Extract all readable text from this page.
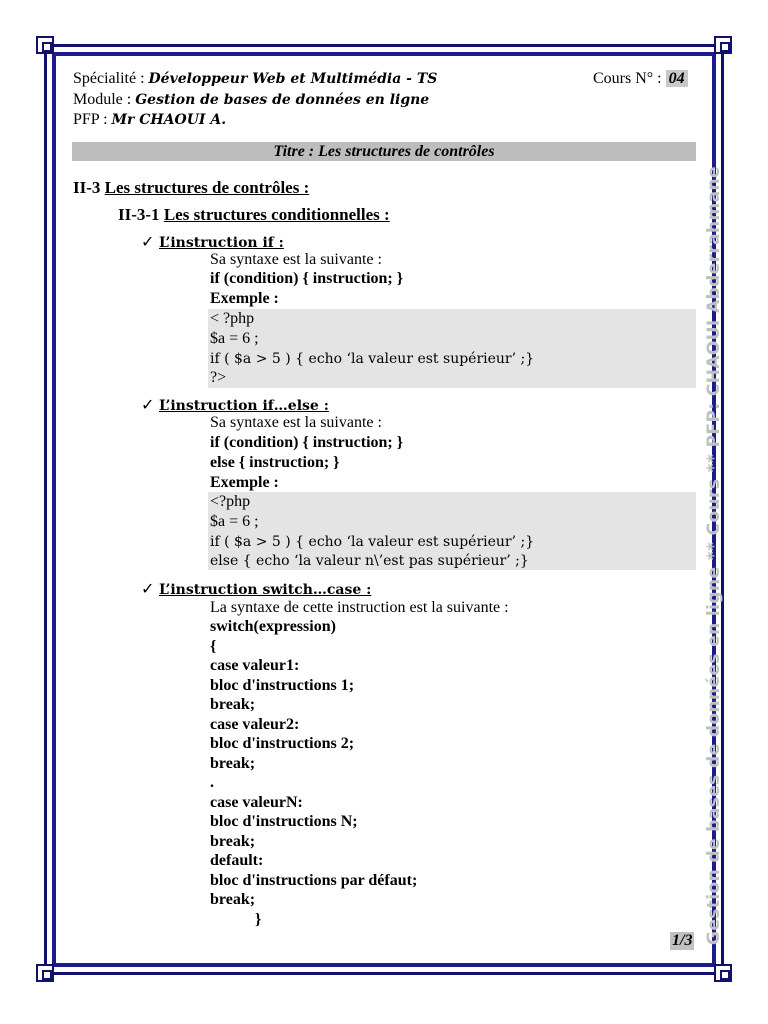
Spécialité : Développeur Web et Multimédia - TS
Module : Gestion de bases de données en ligne
PFP : Mr CHAOUI A.
Cours N° : 04
Titre : Les structures de contrôles
II-3 Les structures de contrôles :
II-3-1 Les structures conditionnelles :
✓ L’instruction if :
Sa syntaxe est la suivante :
if (condition) { instruction; }
Exemple :
< ?php
$a = 6 ;
if ( $a > 5 ) { echo ‘la valeur est supérieur’ ;}
?>
✓ L’instruction if…else :
Sa syntaxe est la suivante :
if (condition) { instruction; }
else { instruction; }
Exemple :
<?php
$a = 6 ;
if ( $a > 5 ) { echo ‘la valeur est supérieur’ ;}
else { echo ‘la valeur n\’est pas supérieur’ ;}
✓ L’instruction switch…case :
La syntaxe de cette instruction est la suivante :
switch(expression)
{
case valeur1:
bloc d'instructions 1;
break;
case valeur2:
bloc d'instructions 2;
break;
.
case valeurN:
bloc d'instructions N;
break;
default:
bloc d'instructions par défaut;
break;
}	Gestion de bases de données en ligne ** Cours ** PFP: CHAOUI Abderrahmane
1/3
